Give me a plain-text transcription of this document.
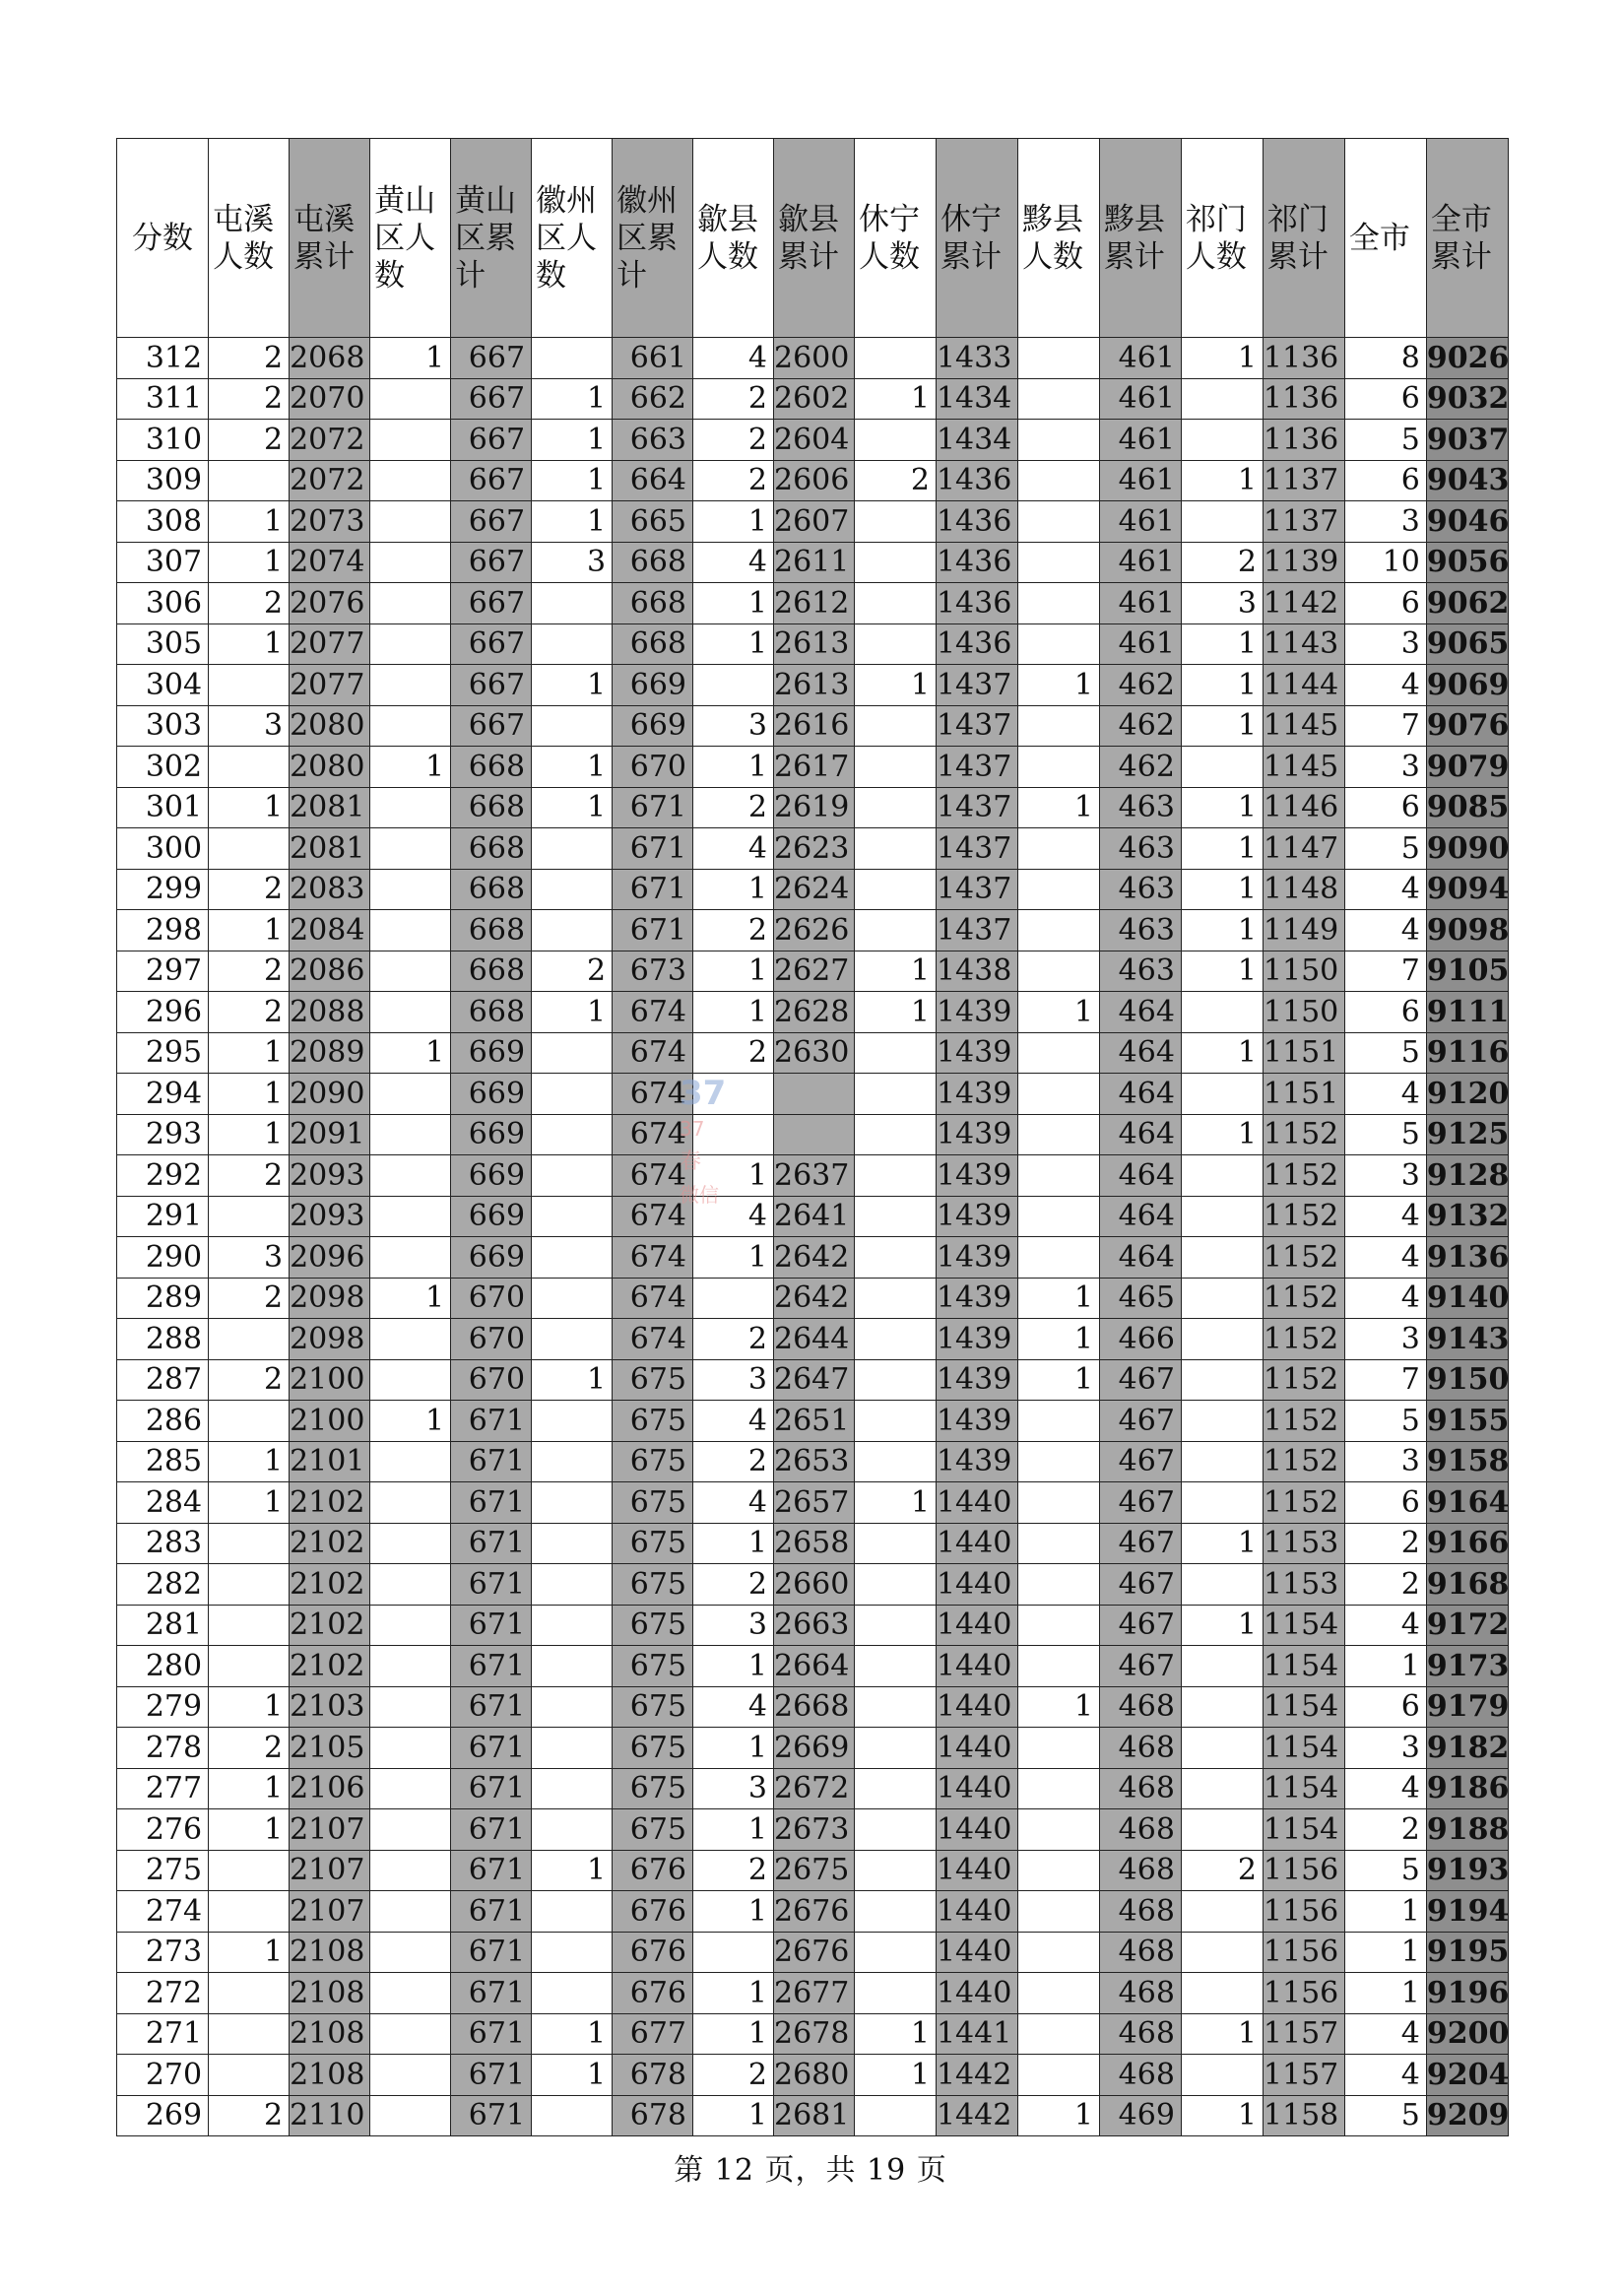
分数	屯溪人数	屯溪累计	黄山区人数	黄山区累计	徽州区人数	徽州区累计	歙县人数	歙县累计	休宁人数	休宁累计	黟县人数	黟县累计	祁门人数	祁门累计	全市	全市累计
312	2	2068	1	667		661	4	2600		1433		461	1	1136	8	9026
311	2	2070		667	1	662	2	2602	1	1434		461		1136	6	9032
310	2	2072		667	1	663	2	2604		1434		461		1136	5	9037
309		2072		667	1	664	2	2606	2	1436		461	1	1137	6	9043
308	1	2073		667	1	665	1	2607		1436		461		1137	3	9046
307	1	2074		667	3	668	4	2611		1436		461	2	1139	10	9056
306	2	2076		667		668	1	2612		1436		461	3	1142	6	9062
305	1	2077		667		668	1	2613		1436		461	1	1143	3	9065
304		2077		667	1	669		2613	1	1437	1	462	1	1144	4	9069
303	3	2080		667		669	3	2616		1437		462	1	1145	7	9076
302		2080	1	668	1	670	1	2617		1437		462		1145	3	9079
301	1	2081		668	1	671	2	2619		1437	1	463	1	1146	6	9085
300		2081		668		671	4	2623		1437		463	1	1147	5	9090
299	2	2083		668		671	1	2624		1437		463	1	1148	4	9094
298	1	2084		668		671	2	2626		1437		463	1	1149	4	9098
297	2	2086		668	2	673	1	2627	1	1438		463	1	1150	7	9105
296	2	2088		668	1	674	1	2628	1	1439	1	464		1150	6	9111
295	1	2089	1	669		674	2	2630		1439		464	1	1151	5	9116
294	1	2090		669		674				1439		464		1151	4	9120
293	1	2091		669		674				1439		464	1	1152	5	9125
292	2	2093		669		674	1	2637		1439		464		1152	3	9128
291		2093		669		674	4	2641		1439		464		1152	4	9132
290	3	2096		669		674	1	2642		1439		464		1152	4	9136
289	2	2098	1	670		674		2642		1439	1	465		1152	4	9140
288		2098		670		674	2	2644		1439	1	466		1152	3	9143
287	2	2100		670	1	675	3	2647		1439	1	467		1152	7	9150
286		2100	1	671		675	4	2651		1439		467		1152	5	9155
285	1	2101		671		675	2	2653		1439		467		1152	3	9158
284	1	2102		671		675	4	2657	1	1440		467		1152	6	9164
283		2102		671		675	1	2658		1440		467	1	1153	2	9166
282		2102		671		675	2	2660		1440		467		1153	2	9168
281		2102		671		675	3	2663		1440		467	1	1154	4	9172
280		2102		671		675	1	2664		1440		467		1154	1	9173
279	1	2103		671		675	4	2668		1440	1	468		1154	6	9179
278	2	2105		671		675	1	2669		1440		468		1154	3	9182
277	1	2106		671		675	3	2672		1440		468		1154	4	9186
276	1	2107		671		675	1	2673		1440		468		1154	2	9188
275		2107		671	1	676	2	2675		1440		468	2	1156	5	9193
274		2107		671		676	1	2676		1440		468		1156	1	9194
273	1	2108		671		676		2676		1440		468		1156	1	9195
272		2108		671		676	1	2677		1440		468		1156	1	9196
271		2108		671	1	677	1	2678	1	1441		468	1	1157	4	9200
270		2108		671	1	678	2	2680	1	1442		468		1157	4	9204
269	2	2110		671		678	1	2681		1442	1	469	1	1158	5	9209
37
37
春
微信
第 12 页，共 19 页
